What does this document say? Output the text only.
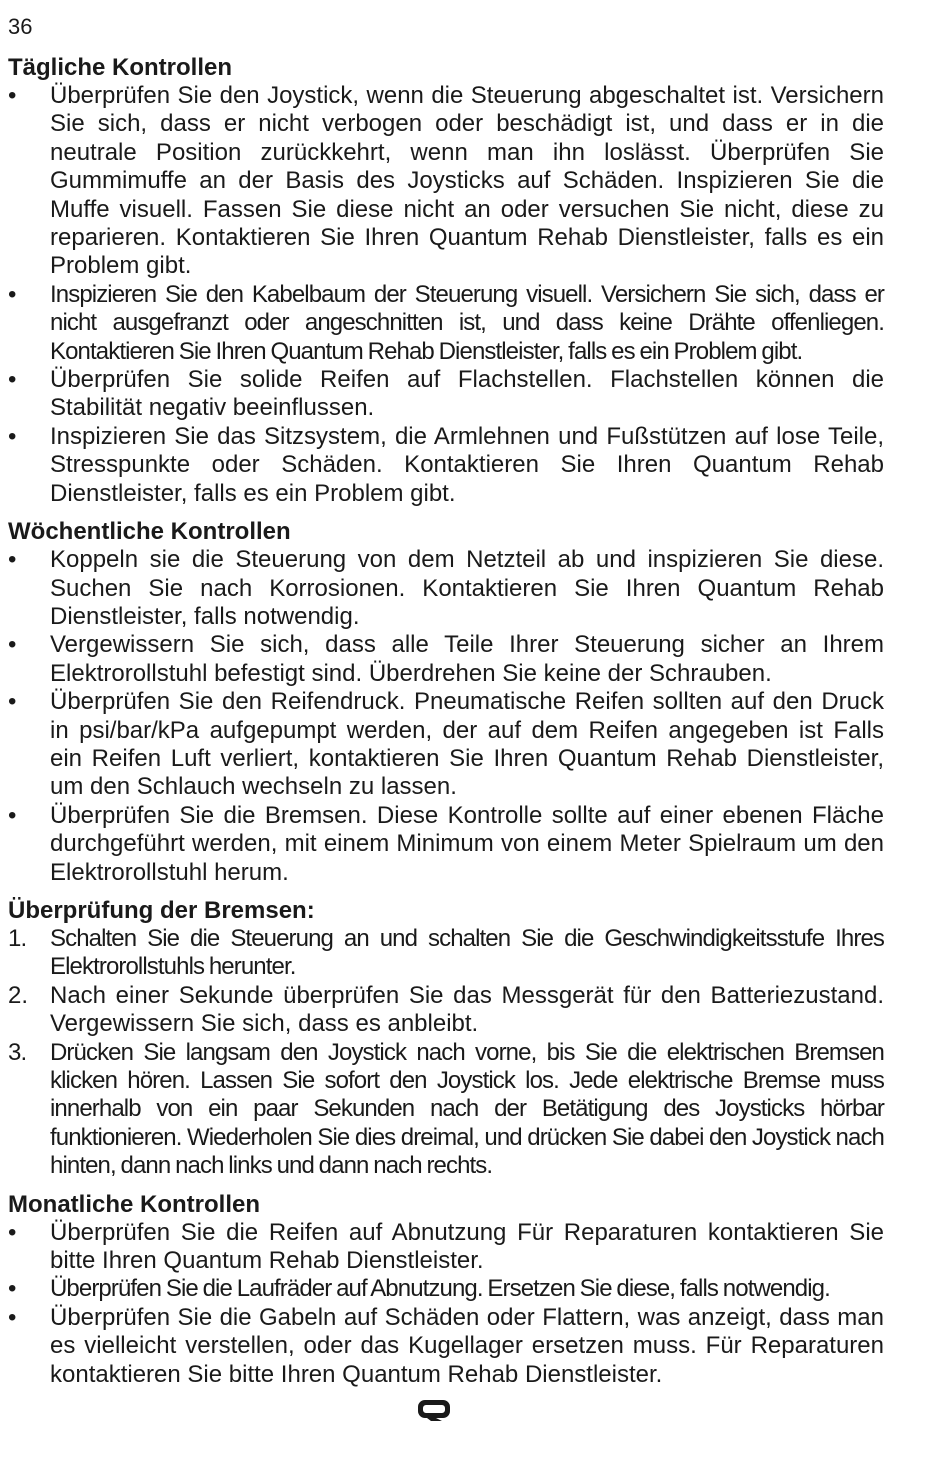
36
Tägliche Kontrollen
•	Überprüfen Sie den Joystick, wenn die Steuerung abgeschaltet ist. Versichern Sie sich, dass er nicht verbogen oder beschädigt ist, und dass er in die neutrale Position zurückkehrt, wenn man ihn loslässt. Überprüfen Sie Gummimuffe an der Basis des Joysticks auf Schäden. Inspizieren Sie die Muffe visuell. Fassen Sie diese nicht an oder versuchen Sie nicht, diese zu reparieren. Kontaktieren Sie Ihren Quantum Rehab Dienstleister, falls es ein Problem gibt.
•	Inspizieren Sie den Kabelbaum der Steuerung visuell. Versichern Sie sich, dass er nicht ausgefranzt oder angeschnitten ist, und dass keine Drähte offenliegen. Kontaktieren Sie Ihren Quantum Rehab Dienstleister, falls es ein Problem gibt.
•	Überprüfen Sie solide Reifen auf Flachstellen. Flachstellen können die Stabilität negativ beeinflussen.
•	Inspizieren Sie das Sitzsystem, die Armlehnen und Fußstützen auf lose Teile, Stresspunkte oder Schäden. Kontaktieren Sie Ihren Quantum Rehab Dienstleister, falls es ein Problem gibt.
Wöchentliche Kontrollen
•	Koppeln sie die Steuerung von dem Netzteil ab und inspizieren Sie diese. Suchen Sie nach Korrosionen. Kontaktieren Sie Ihren Quantum Rehab Dienstleister, falls notwendig.
•	Vergewissern Sie sich, dass alle Teile Ihrer Steuerung sicher an Ihrem Elektrorollstuhl befestigt sind. Überdrehen Sie keine der Schrauben.
•	Überprüfen Sie den Reifendruck. Pneumatische Reifen sollten auf den Druck in psi/bar/kPa aufgepumpt werden, der auf dem Reifen angegeben ist Falls ein Reifen Luft verliert, kontaktieren Sie Ihren Quantum Rehab Dienstleister, um den Schlauch wechseln zu lassen.
•	Überprüfen Sie die Bremsen. Diese Kontrolle sollte auf einer ebenen Fläche durchgeführt werden, mit einem Minimum von einem Meter Spielraum um den Elektrorollstuhl herum.
Überprüfung der Bremsen:
1. Schalten Sie die Steuerung an und schalten Sie die Geschwindigkeitsstufe Ihres Elektrorollstuhls herunter.
2. Nach einer Sekunde überprüfen Sie das Messgerät für den Batteriezustand. Vergewissern Sie sich, dass es anbleibt.
3. Drücken Sie langsam den Joystick nach vorne, bis Sie die elektrischen Bremsen klicken hören. Lassen Sie sofort den Joystick los. Jede elektrische Bremse muss innerhalb von ein paar Sekunden nach der Betätigung des Joysticks hörbar funktionieren. Wiederholen Sie dies dreimal, und drücken Sie dabei den Joystick nach hinten, dann nach links und dann nach rechts.
Monatliche Kontrollen
•	Überprüfen Sie die Reifen auf Abnutzung Für Reparaturen kontaktieren Sie bitte Ihren Quantum Rehab Dienstleister.
•	Überprüfen Sie die Laufräder auf Abnutzung. Ersetzen Sie diese, falls notwendig.
•	Überprüfen Sie die Gabeln auf Schäden oder Flattern, was anzeigt, dass man es vielleicht verstellen, oder das Kugellager ersetzen muss. Für Reparaturen kontaktieren Sie bitte Ihren Quantum Rehab Dienstleister.
